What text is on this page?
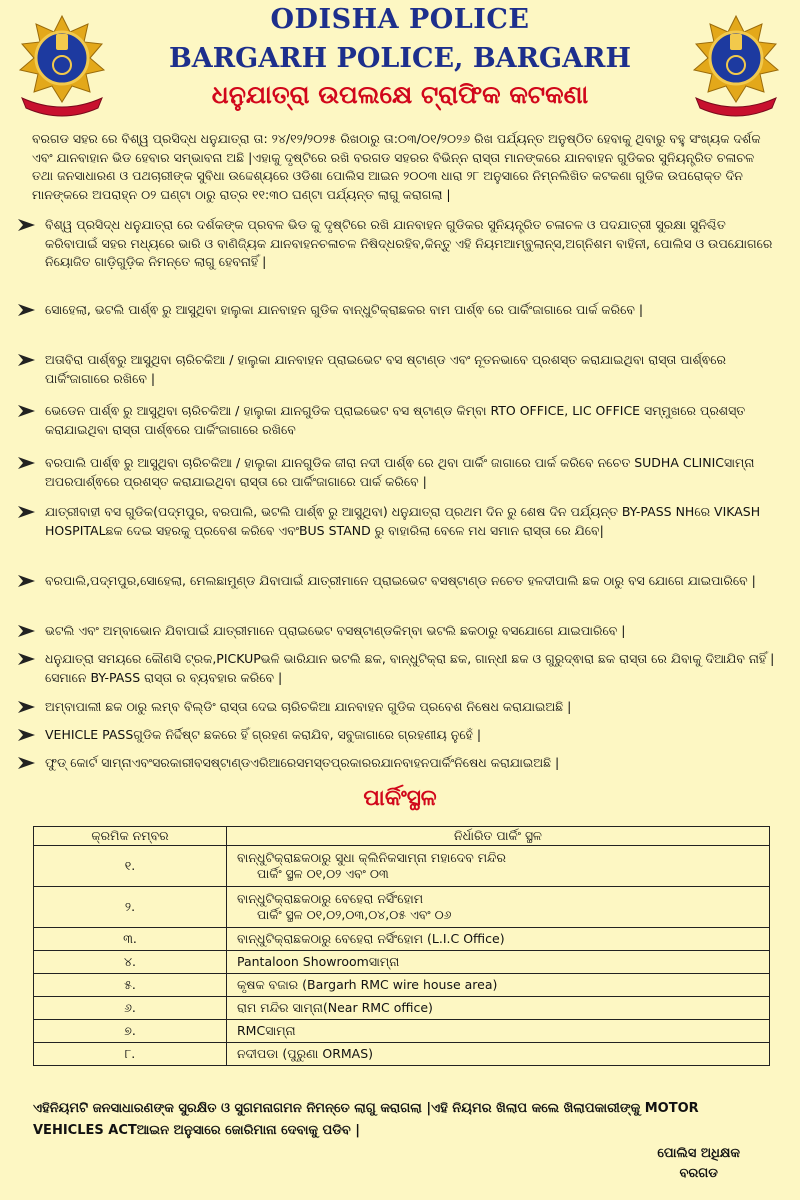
ODISHA POLICE
BARGARH POLICE, BARGARH
ଧନୁଯାତ୍ରା ଉପଲକ୍ଷେ ଟ୍ରାଫିକ କଟକଣା
ବରଗଡ ସହର ରେ ବିଶ୍ୱ ପ୍ରସିଦ୍ଧ ଧନୁଯାତ୍ରା ତା: ୨୪/୧୨/୨୦୨୫ ରିଖଠାରୁ ତା:୦୩/୦୧/୨୦୨୬ ରିଖ ପର୍ଯ୍ୟନ୍ତ ଅନୁଷ୍ଠିତ ହେବାକୁ ଥିବାରୁ ବହୁ ସଂଖ୍ୟକ ଦର୍ଶକ ଏବଂ ଯାନବାହାନ ଭିଡ ହେବାର ସମ୍ଭାବନା ଅଛି |ଏହାକୁ ଦୃଷ୍ଟିରେ ରଖି ବରଗଡ ସହରର ବିଭିନ୍ନ ରାସ୍ତା ମାନଙ୍କରେ ଯାନବାହନ ଗୁଡିକର ସୁନିୟନ୍ତ୍ରିତ ଚଳାଚଳ ତଥା ଜନସାଧାରଣ ଓ ପଥଚାରୀଙ୍କ ସୁବିଧା ଉଦ୍ଦେଶ୍ୟରେ ଓଡିଶା ପୋଲିସ ଆଇନ ୨୦୦୩ ଧାରା ୨୮ ଅନୁସାରେ ନିମ୍ନଲିଖିତ କଟକଣା ଗୁଡିକ ଉପରୋକ୍ତ ଦିନ ମାନଙ୍କରେ ଅପରାହ୍ନ ୦୨ ଘଣ୍ଟା ଠାରୁ ରାତ୍ର ୧୧:୩୦ ଘଣ୍ଟା ପର୍ଯ୍ୟନ୍ତ ଲାଗୁ କରାଗଲା |
ବିଶ୍ୱ ପ୍ରସିଦ୍ଧ ଧନୁଯାତ୍ରା ରେ ଦର୍ଶକଙ୍କ ପ୍ରବଳ ଭିଡ କୁ ଦୃଷ୍ଟିରେ ରଖି ଯାନବାହନ ଗୁଡିକର ସୁନିୟନ୍ତ୍ରିତ ଚଳାଚଳ ଓ ପଦଯାତ୍ରୀ ସୁରକ୍ଷା ସୁନିଶ୍ଚିତ କରିବାପାଇଁ ସହର ମଧ୍ୟରେ ଭାରି ଓ ବାଣିଜ୍ୟିକ ଯାନବାହନଚଳାଚଳ ନିଷିଦ୍ଧରହିବ,କିନ୍ତୁ ଏହି ନିୟମଆମ୍ବୁଲାନ୍ସ,ଅଗ୍ନିଶମ ବାହିନୀ, ପୋଲିସ ଓ ଉପଯୋଗରେ ନିୟୋଜିତ ଗାଡ଼ିଗୁଡ଼ିକ ନିମନ୍ତେ ଲାଗୁ ହେବନାହିଁ |
ସୋହେଲା, ଭଟଲି ପାର୍ଶ୍ଵ ରୁ ଆସୁଥିବା ହାଲୁକା ଯାନବାହନ ଗୁଡିକ ବାନ୍ଧୁଟିକ୍ରାଛକର ବାମ ପାର୍ଶ୍ଵ ରେ ପାର୍କିଂଜାଗାରେ ପାର୍କ କରିବେ |
ଅତାବିରା ପାର୍ଶ୍ଵରୁ ଆସୁଥିବା ଚାରିଚକିଆ / ହାଲୁକା ଯାନବାହନ ପ୍ରାଇଭେଟ ବସ ଷ୍ଟାଣ୍ଡ ଏବଂ ନୂତନଭାବେ ପ୍ରଶସ୍ତ କରାଯାଇଥିବା ରାସ୍ତା ପାର୍ଶ୍ଵରେ ପାର୍କିଂଜାଗାରେ ରଖିବେ |
ଭେଡେନ ପାର୍ଶ୍ଵ ରୁ ଆସୁଥିବା ଚାରିଚକିଆ / ହାଲୁକା ଯାନଗୁଡିକ ପ୍ରାଇଭେଟ ବସ ଷ୍ଟାଣ୍ଡ କିମ୍ବା RTO OFFICE, LIC OFFICE ସମ୍ମୁଖରେ ପ୍ରଶସ୍ତ କରାଯାଇଥିବା ରାସ୍ତା ପାର୍ଶ୍ଵରେ ପାର୍କିଂଜାଗାରେ ରଖିବେ
ବରପାଲି ପାର୍ଶ୍ଵ ରୁ ଆସୁଥିବା ଚାରିଚକିଆ / ହାଲୁକା ଯାନଗୁଡିକ ଜୀରା ନଦୀ ପାର୍ଶ୍ଵ ରେ ଥିବା ପାର୍କିଂ ଜାଗାରେ ପାର୍କ କରିବେ ନଚେତ SUDHA CLINICସାମ୍ନା ଅପରପାର୍ଶ୍ଵରେ ପ୍ରଶସ୍ତ କରାଯାଇଥିବା ରାସ୍ତା ରେ ପାର୍କିଂଜାଗାରେ ପାର୍କ କରିବେ |
ଯାତ୍ରୀବାହୀ ବସ ଗୁଡିକ(ପଦ୍ମପୁର, ବରପାଲି, ଭଟଲି ପାର୍ଶ୍ଵ ରୁ ଆସୁଥିବା) ଧନୁଯାତ୍ରା ପ୍ରଥମ ଦିନ ରୁ ଶେଷ ଦିନ ପର୍ଯ୍ୟନ୍ତ BY-PASS NHରେ VIKASH HOSPITALଛକ ଦେଇ ସହରକୁ ପ୍ରବେଶ କରିବେ ଏବଂBUS STAND ରୁ ବାହାରିଲା ବେଳେ ମଧ ସମାନ ରାସ୍ତା ରେ ଯିବେ|
ବରପାଲି,ପଦ୍ମପୁର,ସୋହେଲା, ମେଲଛାମୁଣ୍ଡ ଯିବାପାଇଁ ଯାତ୍ରୀମାନେ ପ୍ରାଇଭେଟ ବସଷ୍ଟାଣ୍ଡ ନଚେତ ହଳଦୀପାଲି ଛକ ଠାରୁ ବସ ଯୋଗେ ଯାଇପାରିବେ |
ଭଟଲି ଏବଂ ଅମ୍ବାଭୋନ ଯିବାପାଇଁ ଯାତ୍ରୀମାନେ ପ୍ରାଇଭେଟ ବସଷ୍ଟାଣ୍ଡକିମ୍ବା ଭଟଲି ଛକଠାରୁ ବସଯୋଗେ ଯାଇପାରିବେ |
ଧନୁଯାତ୍ରା ସମୟରେ କୌଣସି ଟ୍ରକ,PICKUPଭଳି ଭାରିଯାନ ଭଟଲି ଛକ, ବାନ୍ଧୁଟିକ୍ରା ଛକ, ଗାନ୍ଧୀ ଛକ ଓ ଗୁରୁଦ୍ଵାରା ଛକ ରାସ୍ତା ରେ ଯିବାକୁ ଦିଆଯିବ ନାହିଁ |ସେମାନେ BY-PASS ରାସ୍ତା ର ବ୍ୟବହାର କରିବେ |
ଅମ୍ବାପାଲୀ ଛକ ଠାରୁ ଲମ୍ବ ବିଲ୍ଡିଂ ରାସ୍ତା ଦେଇ ଚାରିଚକିଆ ଯାନବାହନ ଗୁଡିକ ପ୍ରବେଶ ନିଷେଧ କରାଯାଇଅଛି |
VEHICLE PASSଗୁଡିକ ନିର୍ଦ୍ଦିଷ୍ଟ ଛକରେ ହିଁ ଗ୍ରହଣ କରାଯିବ, ସବୁଜାଗାରେ ଗ୍ରହଣୀୟ ନୁହେଁ |
ଫୁଡ୍ କୋର୍ଟ ସାମ୍ନାଏବଂସରକାରୀବସଷ୍ଟାଣ୍ଡଏରିଆରେସମସ୍ତପ୍ରକାରରଯାନବାହନପାର୍କିଂନିଷେଧ କରାଯାଇଅଛି |
ପାର୍କିଂସ୍ଥଳ
କ୍ରମିକ ନମ୍ବର	ନିର୍ଧାରିତ ପାର୍କିଂ ସ୍ଥଳ
୧.	ବାନ୍ଧୁଟିକ୍ରାଛକଠାରୁ ସୁଧା କ୍ଲିନିକସାମ୍ନା ମହାଦେବ ମନ୍ଦିର
ପାର୍କିଂ ସ୍ଥଳ ୦୧,୦୨ ଏବଂ ୦୩

୨.	ବାନ୍ଧୁଟିକ୍ରାଛକଠାରୁ ବେହେରା ନର୍ସିଂହୋମ
ପାର୍କିଂ ସ୍ଥଳ ୦୧,୦୨,୦୩,୦୪,୦୫ ଏବଂ ୦୬

୩.	ବାନ୍ଧୁଟିକ୍ରାଛକଠାରୁ ବେହେରା ନର୍ସିଂହୋମ (L.I.C Office)
୪.	Pantaloon Showroomସାମ୍ନା
୫.	କୃଷକ ବଜାର (Bargarh RMC wire house area)
୬.	ରାମ ମନ୍ଦିର ସାମ୍ନା(Near RMC office)
୭.	RMCସାମ୍ନା
୮.	ନଦୀପଡା (ପୁରୁଣା ORMAS)
ଏହିନିୟମଟି ଜନସାଧାରଣଙ୍କ ସୁରକ୍ଷିତ ଓ ସୁଗମନାଗମନ ନିମନ୍ତେ ଲାଗୁ କରାଗଲା |ଏହି ନିୟମର ଖିଲାପ କଲେ ଖିଲାପକାରୀଙ୍କୁ MOTOR VEHICLES ACTଆଇନ ଅନୁସାରେ ଜୋରିମାନା ଦେବାକୁ ପଡିବ |
ପୋଲିସ ଅଧିକ୍ଷକ
ବରଗଡ
